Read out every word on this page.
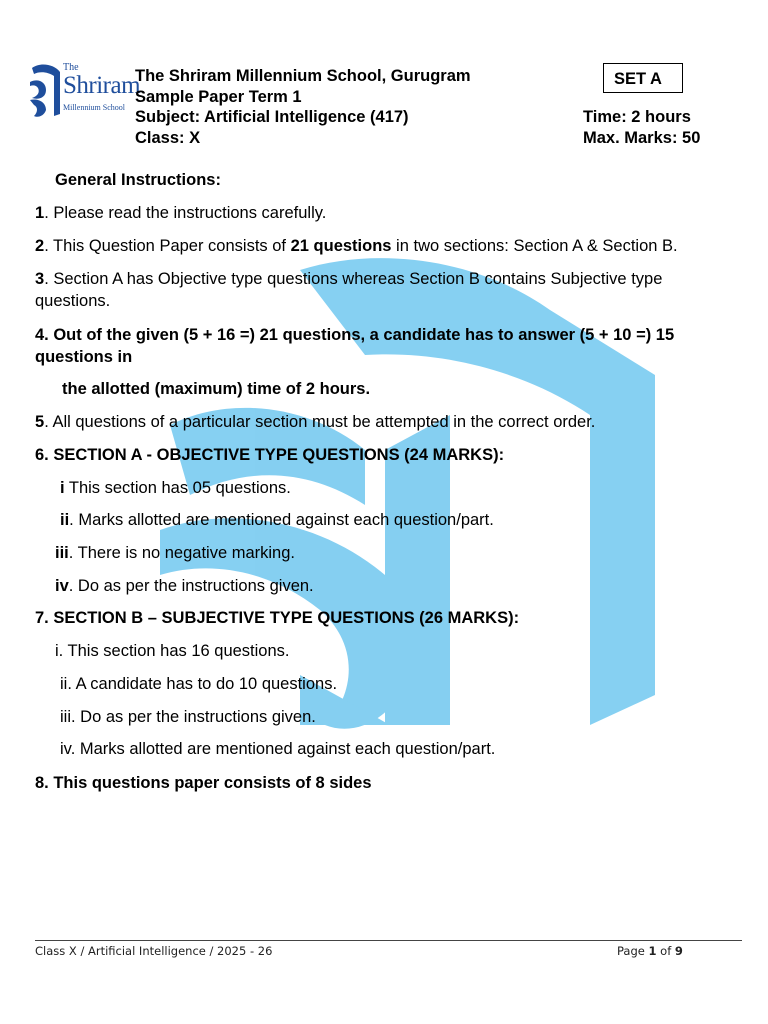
The
Shriram
Millennium School
The Shriram Millennium School, Gurugram
Sample Paper Term 1
Subject: Artificial Intelligence (417)
Class: X
SET A
Time: 2 hours
Max. Marks: 50
General Instructions:
1. Please read the instructions carefully.
2. This Question Paper consists of 21 questions in two sections: Section A & Section B.
3. Section A has Objective type questions whereas Section B contains Subjective type questions.
4. Out of the given (5 + 16 =) 21 questions, a candidate has to answer (5 + 10 =) 15
questions in
the allotted (maximum) time of 2 hours.
5. All questions of a particular section must be attempted in the correct order.
6. SECTION A - OBJECTIVE TYPE QUESTIONS (24 MARKS):
i This section has 05 questions.
ii. Marks allotted are mentioned against each question/part.
iii. There is no negative marking.
iv. Do as per the instructions given.
7. SECTION B – SUBJECTIVE TYPE QUESTIONS (26 MARKS):
i. This section has 16 questions.
ii. A candidate has to do 10 questions.
iii. Do as per the instructions given.
iv. Marks allotted are mentioned against each question/part.
8. This questions paper consists of 8 sides
Class X / Artificial Intelligence / 2025 - 26	Page 1 of 9
